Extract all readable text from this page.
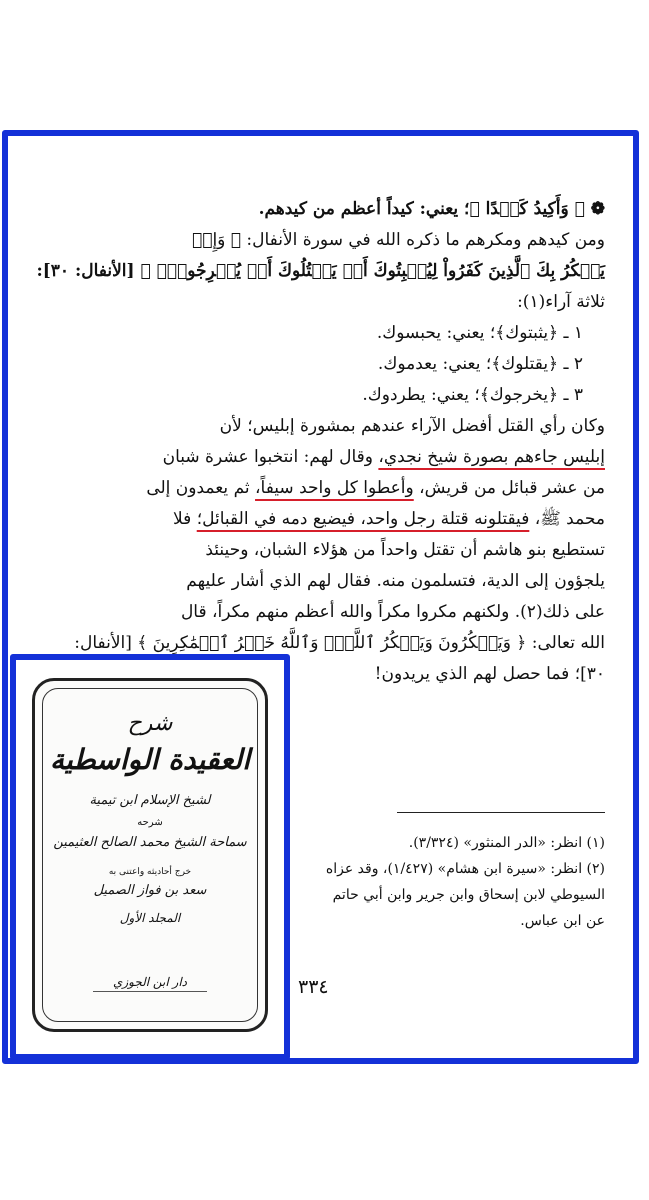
❁ ﴿ وَأَكِيدُ كَيۡدًا ﴾؛ يعني: كيداً أعظم من كيدهم.

ومن كيدهم ومكرهم ما ذكره الله في سورة الأنفال: ﴿ وَإِذۡ

يَمۡكُرُ بِكَ ٱلَّذِينَ كَفَرُواْ لِيُثۡبِتُوكَ أَوۡ يَقۡتُلُوكَ أَوۡ يُخۡرِجُوكَۚ ﴾ [الأنفال: ٣٠]:

ثلاثة آراء(١):

١ ـ ﴿يثبتوك﴾؛ يعني: يحبسوك.

٢ ـ ﴿يقتلوك﴾؛ يعني: يعدموك.

٣ ـ ﴿يخرجوك﴾؛ يعني: يطردوك.

وكان رأي القتل أفضل الآراء عندهم بمشورة إبليس؛ لأن

إبليس جاءهم بصورة شيخ نجدي، وقال لهم: انتخبوا عشرة شبان

من عشر قبائل من قريش، وأعطوا كل واحد سيفاً، ثم يعمدون إلى

محمد ﷺ، فيقتلونه قتلة رجل واحد، فيضيع دمه في القبائل؛ فلا

تستطيع بنو هاشم أن تقتل واحداً من هؤلاء الشبان، وحينئذ

يلجؤون إلى الدية، فتسلمون منه. فقال لهم الذي أشار عليهم

على ذلك(٢). ولكنهم مكروا مكراً والله أعظم منهم مكراً، قال

الله تعالى: ﴿ وَيَمۡكُرُونَ وَيَمۡكُرُ ٱللَّهُۖ وَٱللَّهُ خَيۡرُ ٱلۡمَٰكِرِينَ ﴾ [الأنفال:

٣٠]؛ فما حصل لهم الذي يريدون!

(١) انظر: «الدر المنثور» (٣/٣٢٤).

(٢) انظر: «سيرة ابن هشام» (١/٤٢٧)، وقد عزاه

السيوطي لابن إسحاق وابن جرير وابن أبي حاتم

عن ابن عباس.

٣٣٤
شرح
العقيدة الواسطية
لشيخ الإسلام ابن تيمية
شرحه
سماحة الشيخ محمد الصالح العثيمين
خرج أحاديثه واعتنى به
سعد بن فواز الصميل
المجلد الأول
دار ابن الجوزي
